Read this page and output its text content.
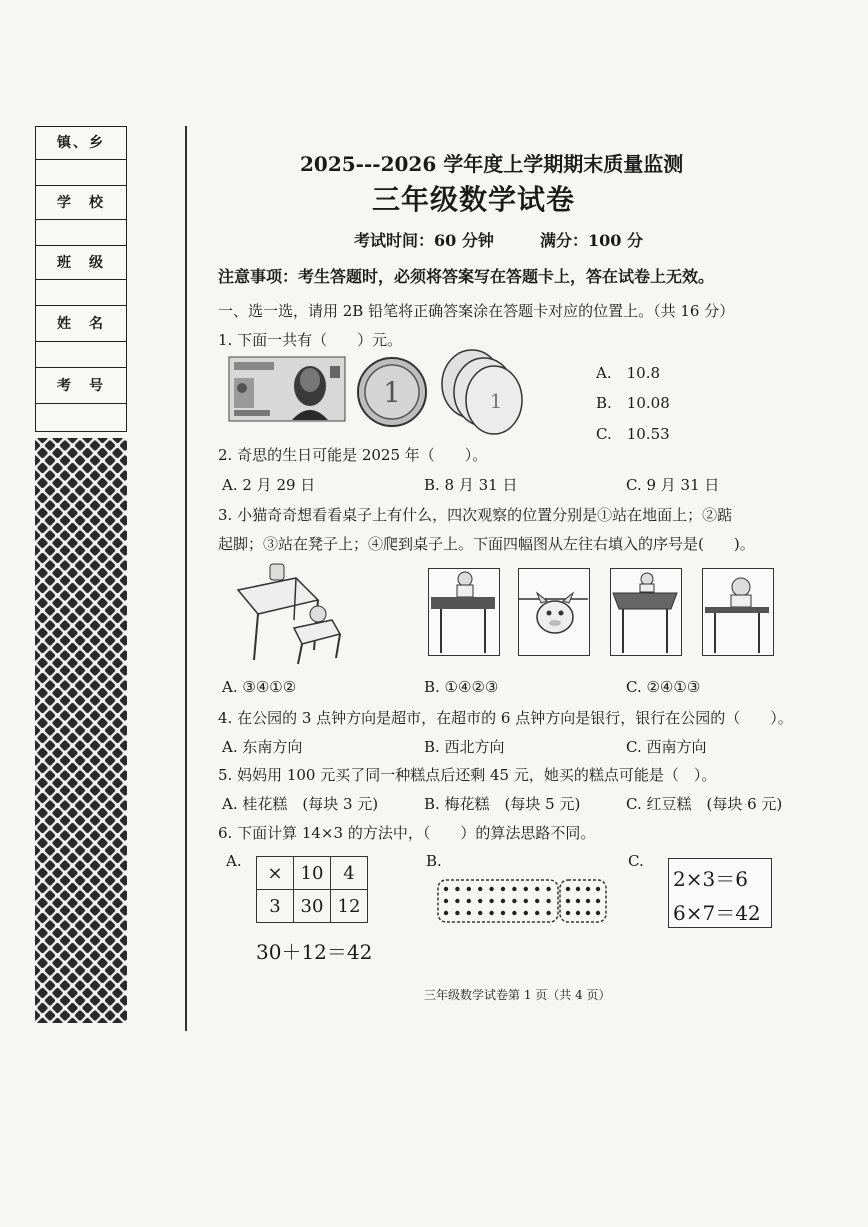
镇、乡
学　校
班　级
姓　名
考　号
2025---2026 学年度上学期期末质量监测
三年级数学试卷
考试时间：60 分钟	满分：100 分
注意事项：考生答题时，必须将答案写在答题卡上，答在试卷上无效。
一、选一选，请用 2B 铅笔将正确答案涂在答题卡对应的位置上。（共 16 分）
1. 下面一共有（　　）元。
1	1
A.　10.8
B.　10.08
C.　10.53
2. 奇思的生日可能是 2025 年（　　）。
A. 2 月 29 日	B. 8 月 31 日	C. 9 月 31 日
3. 小猫奇奇想看看桌子上有什么，四次观察的位置分别是①站在地面上；②踮
起脚；③站在凳子上；④爬到桌子上。下面四幅图从左往右填入的序号是(　　)。
A. ③④①②	B. ①④②③	C. ②④①③
4. 在公园的 3 点钟方向是超市，在超市的 6 点钟方向是银行，银行在公园的（　　）。
A. 东南方向	B. 西北方向	C. 西南方向
5. 妈妈用 100 元买了同一种糕点后还剩 45 元，她买的糕点可能是（　）。
A. 桂花糕　(每块 3 元)	B. 梅花糕　(每块 5 元)	C. 红豆糕　(每块 6 元)
6. 下面计算 14×3 的方法中，（　　）的算法思路不同。
A.
×	10	4
3	30	12
30＋12＝42
B.	C.
2×3＝6
6×7＝42
三年级数学试卷第 1 页（共 4 页）
